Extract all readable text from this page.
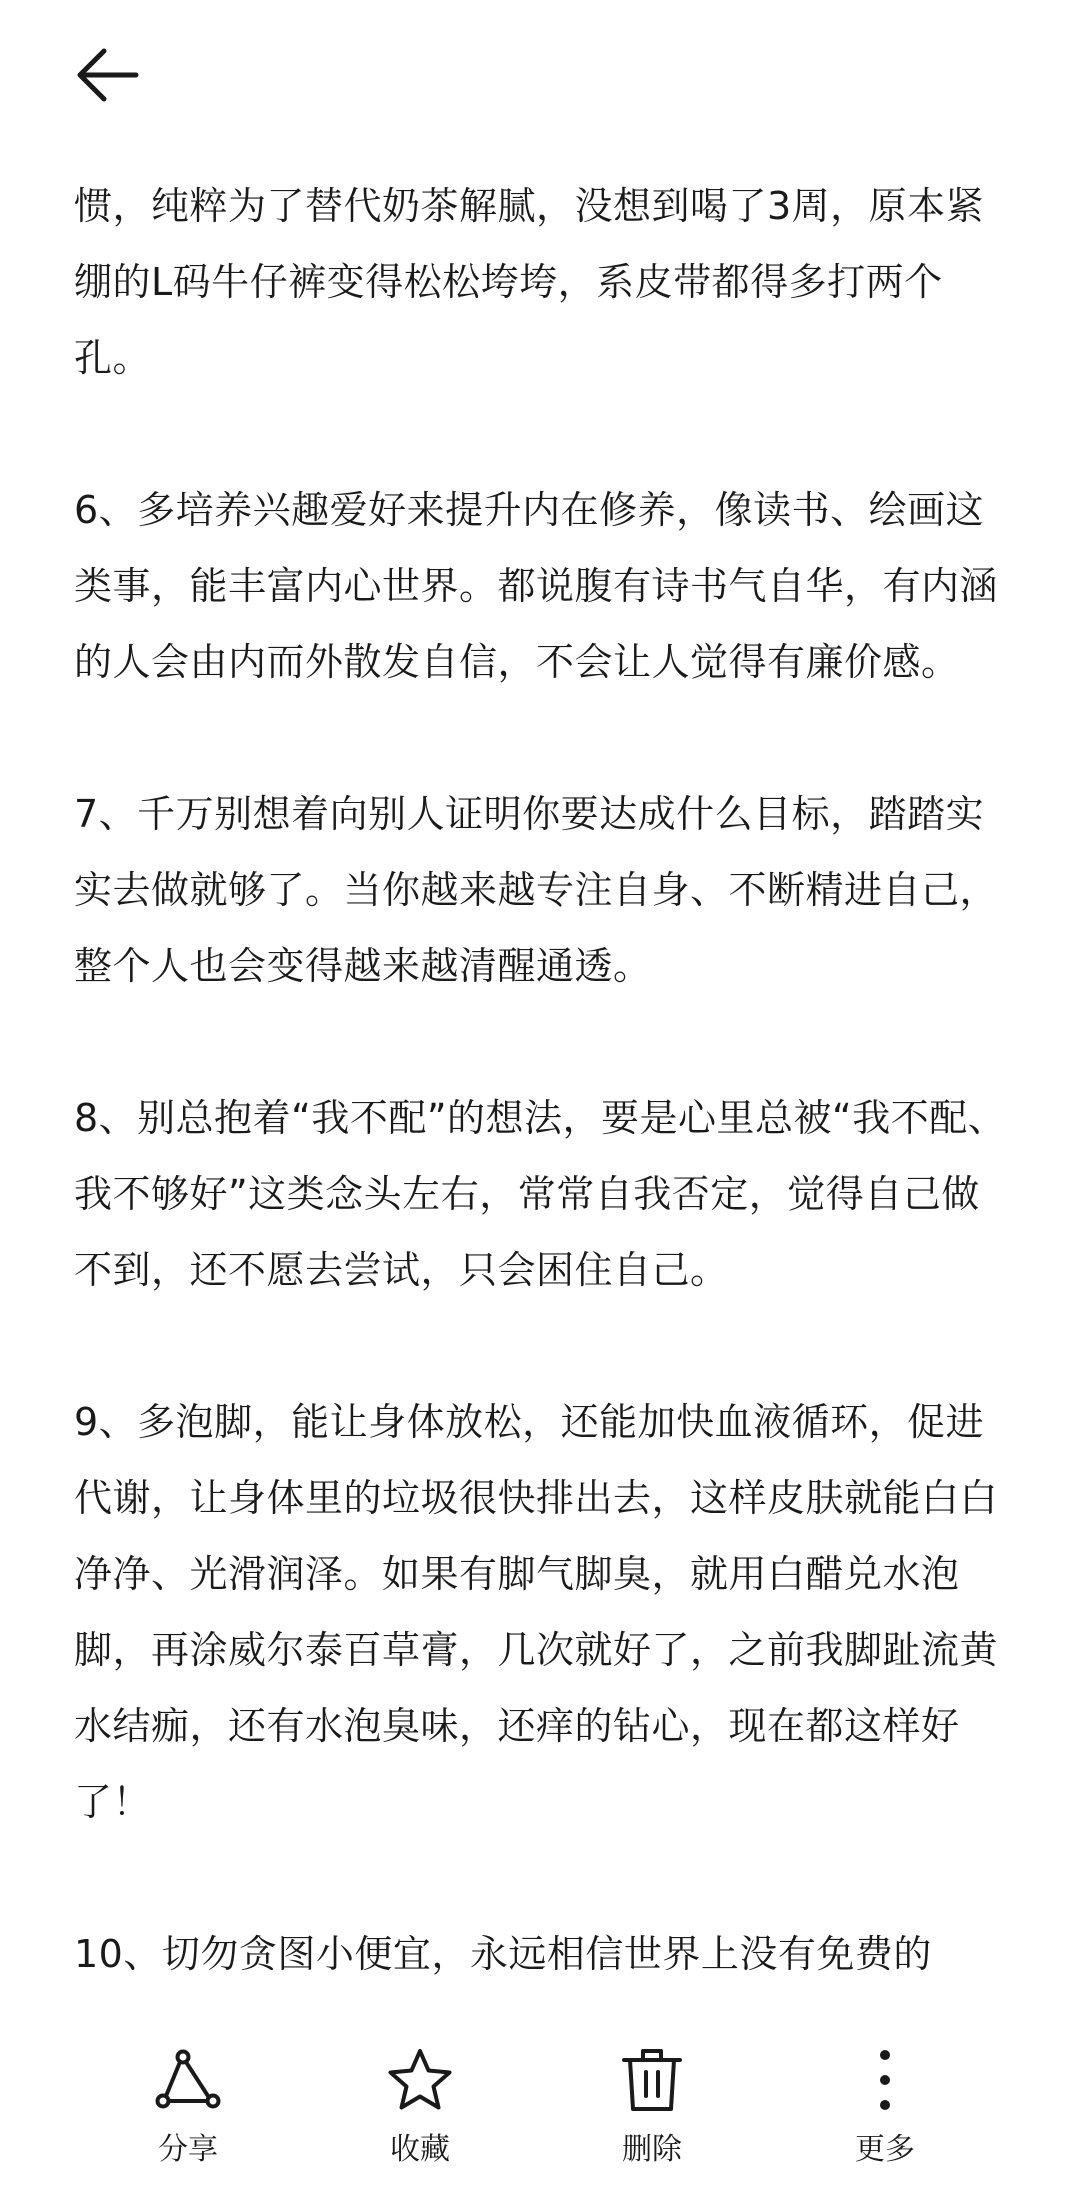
惯，纯粹为了替代奶茶解腻，没想到喝了3周，原本紧绷的L码牛仔裤变得松松垮垮，系皮带都得多打两个孔。

6、多培养兴趣爱好来提升内在修养，像读书、绘画这类事，能丰富内心世界。都说腹有诗书气自华，有内涵的人会由内而外散发自信，不会让人觉得有廉价感。

7、千万别想着向别人证明你要达成什么目标，踏踏实实去做就够了。当你越来越专注自身、不断精进自己，整个人也会变得越来越清醒通透。

8、别总抱着“我不配”的想法，要是心里总被“我不配、我不够好”这类念头左右，常常自我否定，觉得自己做不到，还不愿去尝试，只会困住自己。

9、多泡脚，能让身体放松，还能加快血液循环，促进代谢，让身体里的垃圾很快排出去，这样皮肤就能白白净净、光滑润泽。如果有脚气脚臭，就用白醋兑水泡脚，再涂威尔泰百草膏，几次就好了，之前我脚趾流黄水结痂，还有水泡臭味，还痒的钻心，现在都这样好了！

10、切勿贪图小便宜，永远相信世界上没有免费的

分享	收藏	删除	更多
